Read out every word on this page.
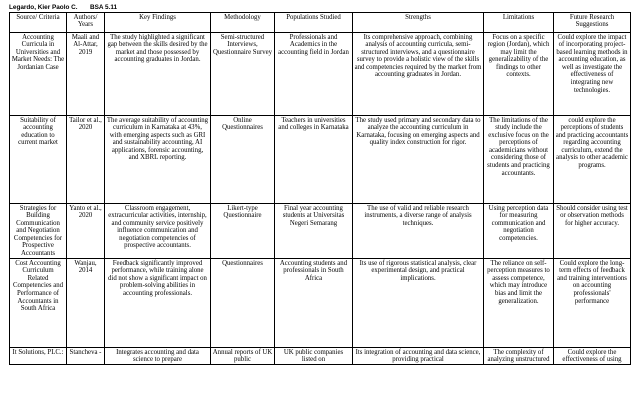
Legardo, Kier Paolo C.       BSA 5.11
Source/ Criteria	Authors/ Years	Key Findings	Methodology	Populations Studied	Strengths	Limitations	Future Research Suggestions
Accounting Curricula in Universities and Market Needs: The Jordanian Case	Maali and Al-Attar, 2019	The study highlighted a significant gap between the skills desired by the market and those possessed by accounting graduates in Jordan.	Semi-structured Interviews, Questionnaire Survey	Professionals and Academics in the accounting field in Jordan	Its comprehensive approach, combining analysis of accounting curricula, semi-structured interviews, and a questionnaire survey to provide a holistic view of the skills and competencies required by the market from accounting graduates in Jordan.	Focus on a specific region (Jordan), which may limit the generalizability of the findings to other contexts.	Could explore the impact of incorporating project-based learning methods in accounting education, as well as investigate the effectiveness of integrating new technologies.
Suitability of accounting education to current market	Tailor et al., 2020	The average suitability of accounting curriculum in Karnataka at 43%, with emerging aspects such as GRI and sustainability accounting, AI applications, forensic accounting, and XBRL reporting.	Online Questionnaires	Teachers in universities and colleges in Karnataka	The study used primary and secondary data to analyze the accounting curriculum in Karnataka, focusing on emerging aspects and quality index construction for rigor.	The limitations of the study include the exclusive focus on the perceptions of academicians without considering those of students and practicing accountants.	could explore the perceptions of students and practicing accountants regarding accounting curriculum, extend the analysis to other academic programs.
Strategies for Building Communication and Negotiation Competencies for Prospective Accountants	Yanto et al., 2020	Classroom engagement, extracurricular activities, internship, and community service positively influence communication and negotiation competencies of prospective accountants.	Likert-type Questionnaire	Final year accounting students at Universitas Negeri Semarang	The use of valid and reliable research instruments, a diverse range of analysis techniques.	Using perception data for measuring communication and negotiation competencies.	Should consider using test or observation methods for higher accuracy.
Cost Accounting Curriculum Related Competencies and Performance of Accountants in South Africa	Wanjau, 2014	Feedback significantly improved performance, while training alone did not show a significant impact on problem-solving abilities in accounting professionals.	Questionnaires	Accounting students and professionals in South Africa	Its use of rigorous statistical analysis, clear experimental design, and practical implications.	The reliance on self-perception measures to assess competence, which may introduce bias and limit the generalization.	Could explore the long-term effects of feedback and training interventions on accounting professionals' performance
It Solutions, PLC.:	Stancheva -	Integrates accounting and data science to prepare	Annual reports of UK public	UK public companies listed on	Its integration of accounting and data science, providing practical	The complexity of analyzing unstructured	Could explore the effectiveness of using
